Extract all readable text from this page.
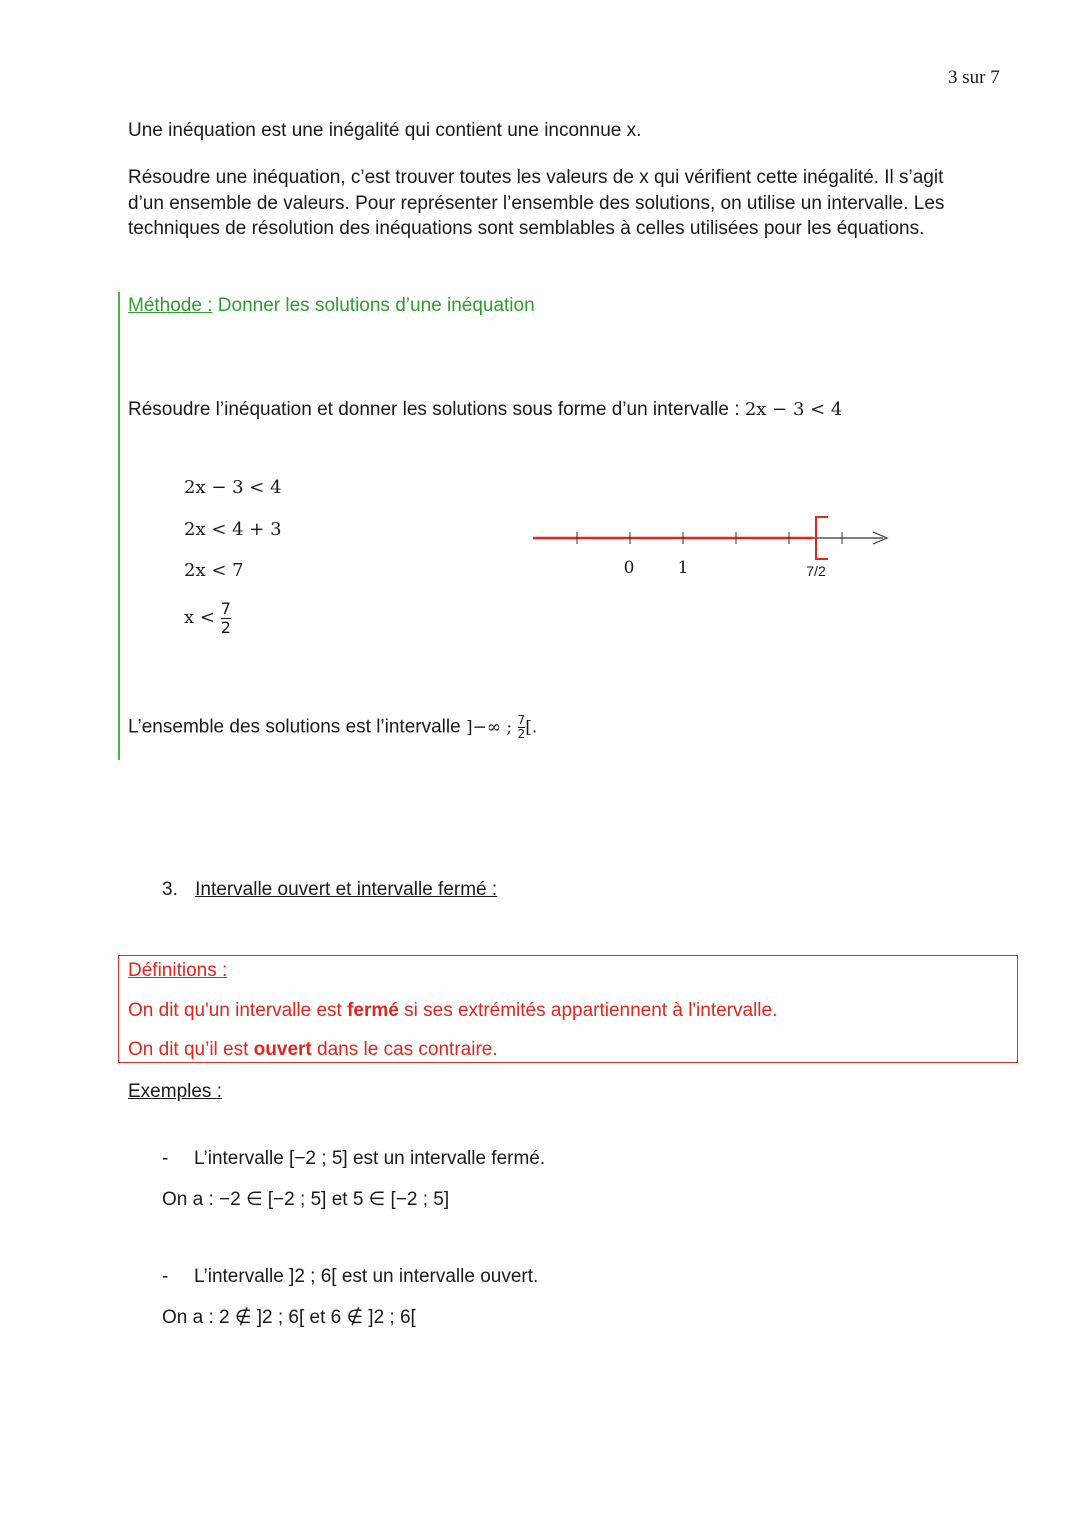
3 sur 7
Une inéquation est une inégalité qui contient une inconnue x.
Résoudre une inéquation, c’est trouver toutes les valeurs de x qui vérifient cette inégalité. Il s’agit
d’un ensemble de valeurs. Pour représenter l’ensemble des solutions, on utilise un intervalle. Les
techniques de résolution des inéquations sont semblables à celles utilisées pour les équations.
Méthode : Donner les solutions d’une inéquation
Résoudre l’inéquation et donner les solutions sous forme d’un intervalle : 2x − 3 < 4
2x − 3 < 4
2x < 4 + 3
2x < 7
$x < \frac{7}{2}$
0	1	7/2
L’ensemble des solutions est l’intervalle ]−∞ ; $\frac{7}{2}$ [.
3. Intervalle ouvert et intervalle fermé :
Définitions :
On dit qu'un intervalle est fermé si ses extrémités appartiennent à l'intervalle.
On dit qu’il est ouvert dans le cas contraire.
Exemples :
- L’intervalle [−2 ; 5] est un intervalle fermé.
On a : −2 ∈ [−2 ; 5] et 5 ∈ [−2 ; 5]
- L’intervalle ]2 ; 6[ est un intervalle ouvert.
On a : 2 ∉ ]2 ; 6[ et 6 ∉ ]2 ; 6[
